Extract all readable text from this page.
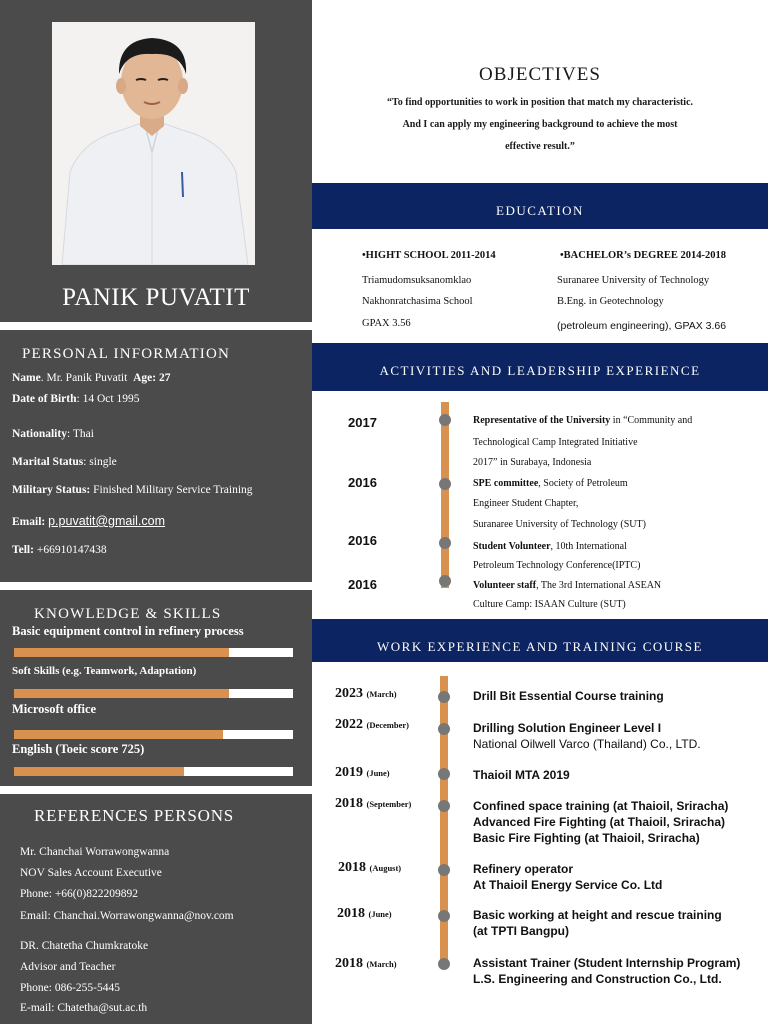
PANIK PUVATIT
PERSONAL INFORMATION
Name. Mr. Panik Puvatit Age: 27
Date of Birth: 14 Oct 1995
Nationality: Thai
Marital Status: single
Military Status: Finished Military Service Training
Email: p.puvatit@gmail.com
Tell: +66910147438
KNOWLEDGE & SKILLS
Basic equipment control in refinery process
Soft Skills (e.g. Teamwork, Adaptation)
Microsoft office
English (Toeic score 725)
REFERENCES PERSONS
Mr. Chanchai Worrawongwanna
NOV Sales Account Executive
Phone: +66(0)822209892
Email: Chanchai.Worrawongwanna@nov.com
DR. Chatetha Chumkratoke
Advisor and Teacher
Phone: 086-255-5445
E-mail: Chatetha@sut.ac.th
OBJECTIVES
“To find opportunities to work in position that match my characteristic.
And I can apply my engineering background to achieve the most
effective result.”
EDUCATION
•HIGHT SCHOOL 2011-2014
Triamudomsuksanomklao
Nakhonratchasima School
GPAX 3.56
•BACHELOR’s DEGREE 2014-2018
Suranaree University of Technology
B.Eng. in Geotechnology
(petroleum engineering), GPAX 3.66
ACTIVITIES AND LEADERSHIP EXPERIENCE
2017	Representative of the University in “Community and
Technological Camp Integrated Initiative
2017” in Surabaya, Indonesia
2016	SPE committee, Society of Petroleum
Engineer Student Chapter,
Suranaree University of Technology (SUT)
2016	Student Volunteer, 10th International
Petroleum Technology Conference(IPTC)
2016	Volunteer staff, The 3rd International ASEAN
Culture Camp: ISAAN Culture (SUT)
WORK EXPERIENCE AND TRAINING COURSE
2023 (March)	Drill Bit Essential Course training
2022 (December)	Drilling Solution Engineer Level I
National Oilwell Varco (Thailand) Co., LTD.
2019 (June)	Thaioil MTA 2019
2018 (September)	Confined space training (at Thaioil, Sriracha)
Advanced Fire Fighting (at Thaioil, Sriracha)
Basic Fire Fighting (at Thaioil, Sriracha)
2018 (August)	Refinery operator
At Thaioil Energy Service Co. Ltd
2018 (June)	Basic working at height and rescue training
(at TPTI Bangpu)
2018 (March)	Assistant Trainer (Student Internship Program)
L.S. Engineering and Construction Co., Ltd.
